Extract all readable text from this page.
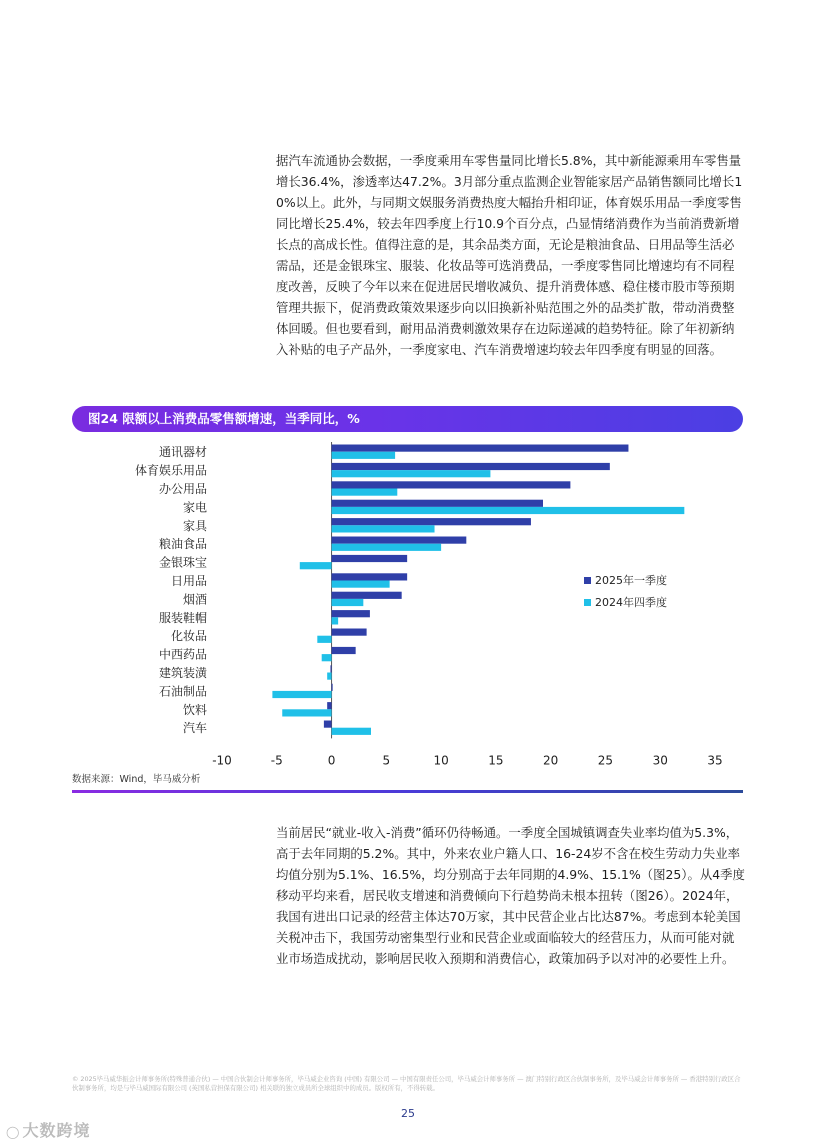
据汽车流通协会数据，一季度乘用车零售量同比增长5.8%，其中新能源乘用车零售量增长36.4%，渗透率达47.2%。3月部分重点监测企业智能家居产品销售额同比增长10%以上。此外，与同期文娱服务消费热度大幅抬升相印证，体育娱乐用品一季度零售同比增长25.4%，较去年四季度上行10.9个百分点，凸显情绪消费作为当前消费新增长点的高成长性。值得注意的是，其余品类方面，无论是粮油食品、日用品等生活必需品，还是金银珠宝、服装、化妆品等可选消费品，一季度零售同比增速均有不同程度改善，反映了今年以来在促进居民增收减负、提升消费体感、稳住楼市股市等预期管理共振下，促消费政策效果逐步向以旧换新补贴范围之外的品类扩散，带动消费整体回暖。但也要看到，耐用品消费刺激效果存在边际递减的趋势特征。除了年初新纳入补贴的电子产品外，一季度家电、汽车消费增速均较去年四季度有明显的回落。

图24 限额以上消费品零售额增速，当季同比，%
通讯器材
体育娱乐用品
办公用品
家电
家具
粮油食品
金银珠宝
日用品
烟酒
服装鞋帽
化妆品
中西药品
建筑装潢
石油制品
饮料
汽车
-10	-5	0	5	10	15	20	25	30	35
2025年一季度
2024年四季度
数据来源：Wind，毕马威分析

当前居民“就业-收入-消费”循环仍待畅通。一季度全国城镇调查失业率均值为5.3%，高于去年同期的5.2%。其中，外来农业户籍人口、16-24岁不含在校生劳动力失业率均值分别为5.1%、16.5%，均分别高于去年同期的4.9%、15.1%（图25）。从4季度移动平均来看，居民收支增速和消费倾向下行趋势尚未根本扭转（图26）。2024年，我国有进出口记录的经营主体达70万家，其中民营企业占比达87%。考虑到本轮美国关税冲击下，我国劳动密集型行业和民营企业或面临较大的经营压力，从而可能对就业市场造成扰动，影响居民收入预期和消费信心，政策加码予以对冲的必要性上升。

© 2025毕马威华振会计师事务所(特殊普通合伙) — 中国合伙制会计师事务所，毕马威企业咨询 (中国) 有限公司 — 中国有限责任公司，毕马威会计师事务所 — 澳门特别行政区合伙制事务所，及毕马威会计师事务所 — 香港特别行政区合伙制事务所，均是与毕马威国际有限公司 (英国私营担保有限公司) 相关联的独立成员所全球组织中的成员。版权所有，不得转载。
25
◯ 大数跨境
